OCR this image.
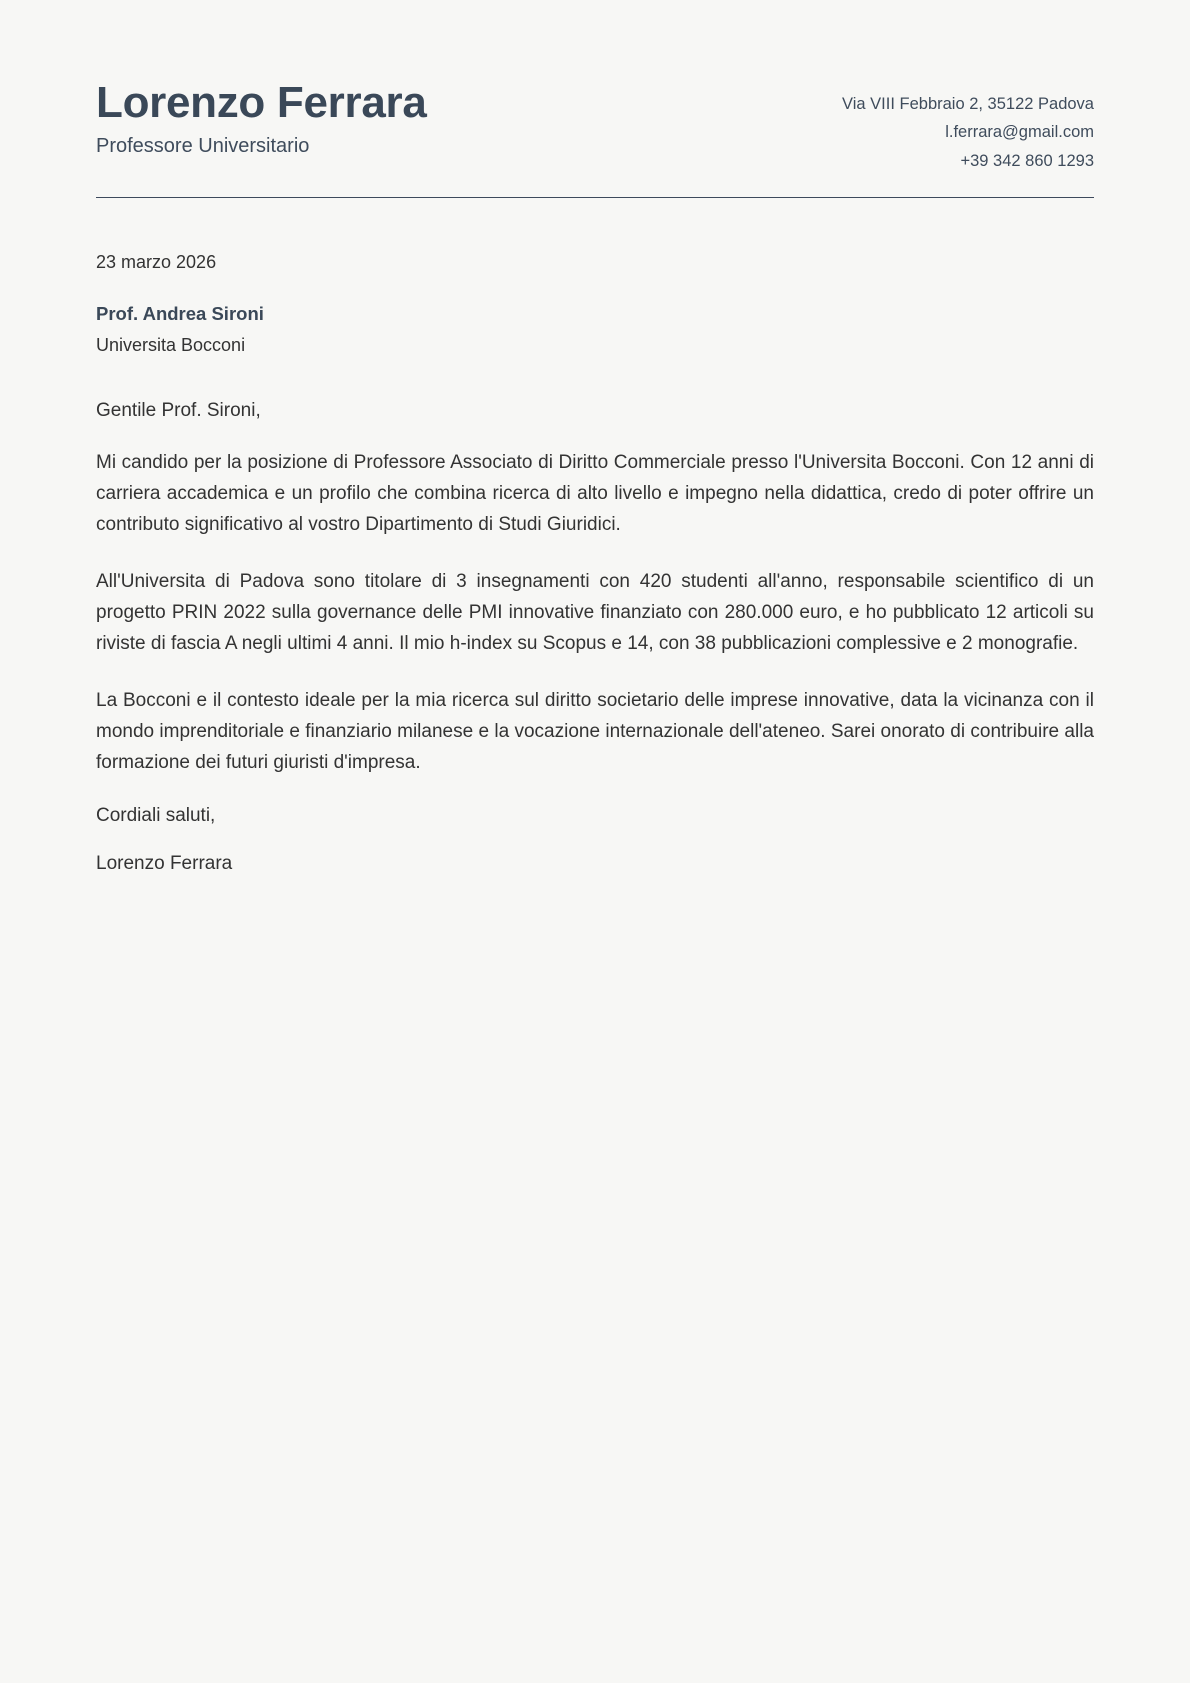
Lorenzo Ferrara

Professore Universitario

Via VIII Febbraio 2, 35122 Padova
l.ferrara@gmail.com
+39 342 860 1293
23 marzo 2026
Prof. Andrea Sironi
Universita Bocconi
Gentile Prof. Sironi,

Mi candido per la posizione di Professore Associato di Diritto Commerciale presso l'Universita Bocconi. Con 12 anni di carriera accademica e un profilo che combina ricerca di alto livello e impegno nella didattica, credo di poter offrire un contributo significativo al vostro Dipartimento di Studi Giuridici.

All'Universita di Padova sono titolare di 3 insegnamenti con 420 studenti all'anno, responsabile scientifico di un progetto PRIN 2022 sulla governance delle PMI innovative finanziato con 280.000 euro, e ho pubblicato 12 articoli su riviste di fascia A negli ultimi 4 anni. Il mio h-index su Scopus e 14, con 38 pubblicazioni complessive e 2 monografie.

La Bocconi e il contesto ideale per la mia ricerca sul diritto societario delle imprese innovative, data la vicinanza con il mondo imprenditoriale e finanziario milanese e la vocazione internazionale dell'ateneo. Sarei onorato di contribuire alla formazione dei futuri giuristi d'impresa.

Cordiali saluti,

Lorenzo Ferrara
